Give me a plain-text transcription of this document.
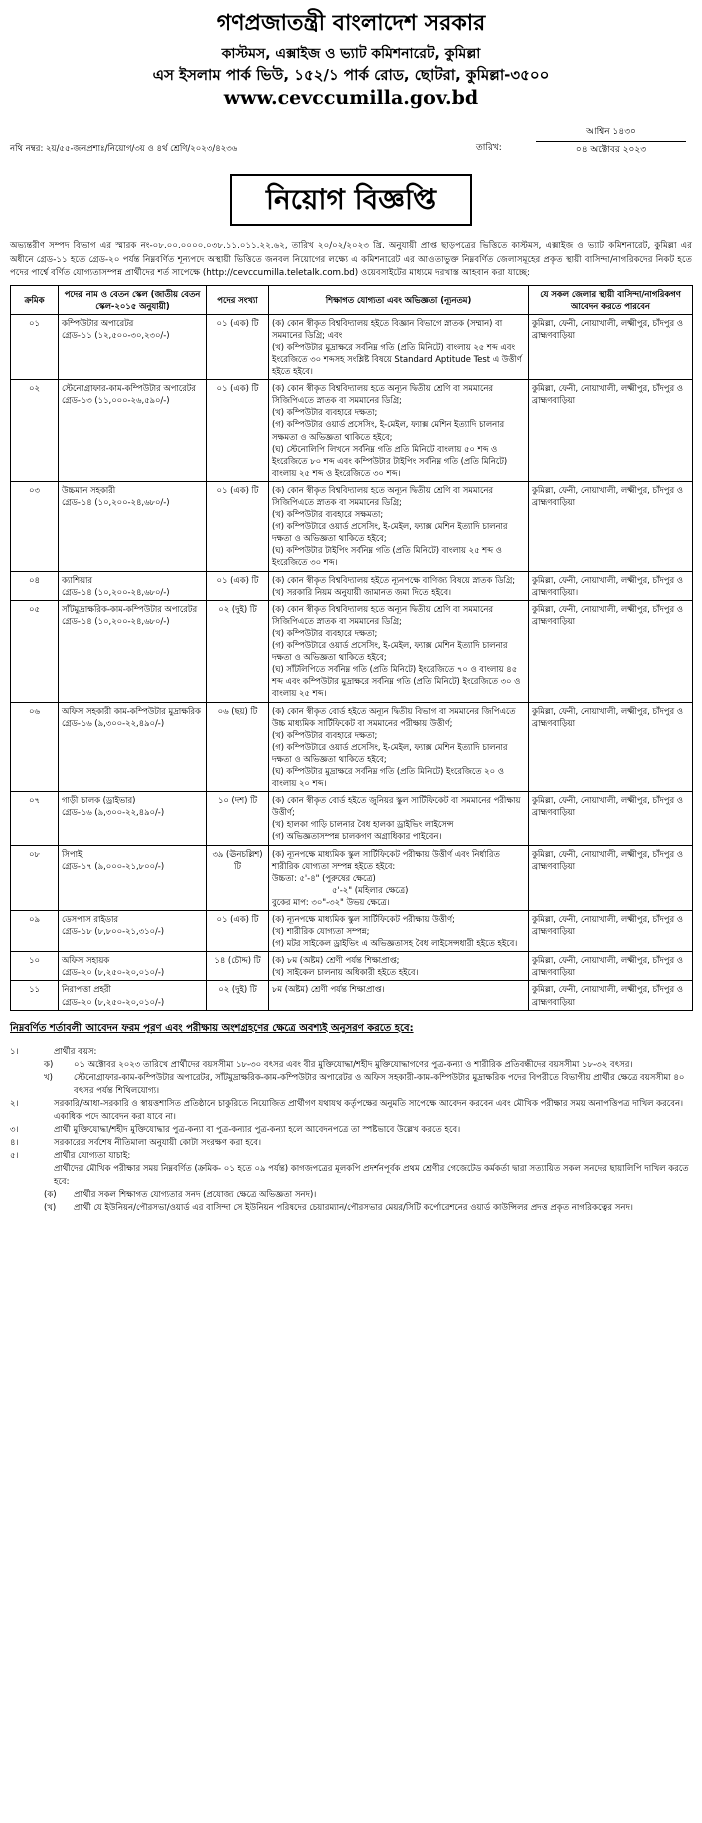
গণপ্রজাতন্ত্রী বাংলাদেশ সরকার
কাস্টমস, এক্সাইজ ও ভ্যাট কমিশনারেট, কুমিল্লা
এস ইসলাম পার্ক ভিউ, ১৫২/১ পার্ক রোড, ছোটরা, কুমিল্লা-৩৫০০
www.cevccumilla.gov.bd
নথি নম্বর: ২য়/৫৫-জনপ্রশাঃ/নিয়োগ/৩য় ও ৪র্থ শ্রেণি/২০২৩/৪২৩৬	তারিখ:
আশ্বিন ১৪৩০
০৪ অক্টোবর ২০২৩
নিয়োগ বিজ্ঞপ্তি
অভ্যন্তরীণ সম্পদ বিভাগ এর স্মারক নং-০৮.০০.০০০০.০৩৮.১১.০১১.২২.৬২, তারিখ ২০/০২/২০২৩ খ্রি. অনুযায়ী প্রাপ্ত ছাড়পত্রের ভিত্তিতে কাস্টমস, এক্সাইজ ও ভ্যাট কমিশনারেট, কুমিল্লা এর অধীনে গ্রেড-১১ হতে গ্রেড-২০ পর্যন্ত নিম্নবর্ণিত শূন্যপদে অস্থায়ী ভিত্তিতে জনবল নিয়োগের লক্ষ্যে এ কমিশনারেট এর আওতাভুক্ত নিম্নবর্ণিত জেলাসমূহের প্রকৃত স্থায়ী বাসিন্দা/নাগরিকদের নিকট হতে পদের পার্শ্বে বর্ণিত যোগ্যতাসম্পন্ন প্রার্থীদের শর্ত সাপেক্ষে (http://cevccumilla.teletalk.com.bd) ওয়েবসাইটের মাধ্যমে দরখাস্ত আহবান করা যাচ্ছে:
ক্রমিক	পদের নাম ও বেতন স্কেল (জাতীয় বেতন স্কেল-২০১৫ অনুযায়ী)	পদের সংখ্যা	শিক্ষাগত যোগ্যতা এবং অভিজ্ঞতা (ন্যূনতম)	যে সকল জেলার স্থায়ী বাসিন্দা/নাগরিকগণ আবেদন করতে পারবেন
০১	কম্পিউটার অপারেটর
গ্রেড-১১ (১২,৫০০-৩০,২৩০/-)	০১ (এক) টি	(ক) কোন স্বীকৃত বিশ্ববিদ্যালয় হইতে বিজ্ঞান বিভাগে স্নাতক (সম্মান) বা সমমানের ডিগ্রি; এবং
(খ) কম্পিউটার মুদ্রাক্ষরে সর্বনিম্ন গতি (প্রতি মিনিটে) বাংলায় ২৫ শব্দ এবং ইংরেজিতে ৩০ শব্দসহ সংশ্লিষ্ট বিষয়ে Standard Aptitude Test এ উত্তীর্ণ হইতে হইবে।	কুমিল্লা, ফেনী, নোয়াখালী, লক্ষ্মীপুর, চাঁদপুর ও ব্রাহ্মণবাড়িয়া
০২	স্টেনোগ্রাফার-কাম-কম্পিউটার অপারেটর
গ্রেড-১৩ (১১,০০০-২৬,৫৯০/-)	০১ (এক) টি	(ক) কোন স্বীকৃত বিশ্ববিদ্যালয় হতে অন্যূন দ্বিতীয় শ্রেণি বা সমমানের সিজিপিএতে স্নাতক বা সমমানের ডিগ্রি;
(খ) কম্পিউটার ব্যবহারে দক্ষতা;
(গ) কম্পিউটার ওয়ার্ড প্রসেসিং, ই-মেইল, ফ্যাক্স মেশিন ইত্যাদি চালনার সক্ষমতা ও অভিজ্ঞতা থাকিতে হইবে;
(ঘ) স্টেনোলিপি লিখনে সর্বনিম্ন গতি প্রতি মিনিটে বাংলায় ৫০ শব্দ ও ইংরেজিতে ৮০ শব্দ এবং কম্পিউটার টাইপিং সর্বনিম্ন গতি (প্রতি মিনিটে) বাংলায় ২৫ শব্দ ও ইংরেজিতে ৩০ শব্দ।	কুমিল্লা, ফেনী, নোয়াখালী, লক্ষ্মীপুর, চাঁদপুর ও ব্রাহ্মণবাড়িয়া
০৩	উচ্চমান সহকারী
গ্রেড-১৪ (১০,২০০-২৪,৬৮০/-)	০১ (এক) টি	(ক) কোন স্বীকৃত বিশ্ববিদ্যালয় হতে অন্যূন দ্বিতীয় শ্রেণি বা সমমানের সিজিপিএতে স্নাতক বা সমমানের ডিগ্রি;
(খ) কম্পিউটার ব্যবহারে সক্ষমতা;
(গ) কম্পিউটারে ওয়ার্ড প্রসেসিং, ই-মেইল, ফ্যাক্স মেশিন ইত্যাদি চালনার দক্ষতা ও অভিজ্ঞতা থাকিতে হইবে;
(ঘ) কম্পিউটার টাইপিং সর্বনিম্ন গতি (প্রতি মিনিটে) বাংলায় ২৫ শব্দ ও ইংরেজিতে ৩০ শব্দ।	কুমিল্লা, ফেনী, নোয়াখালী, লক্ষ্মীপুর, চাঁদপুর ও ব্রাহ্মণবাড়িয়া
০৪	ক্যাশিয়ার
গ্রেড-১৪ (১০,২০০-২৪,৬৮০/-)	০১ (এক) টি	(ক) কোন স্বীকৃত বিশ্ববিদ্যালয় হইতে ন্যূনপক্ষে বাণিজ্য বিষয়ে স্নাতক ডিগ্রি;
(খ) সরকারি নিয়ম অনুযায়ী জামানত জমা দিতে হইবে।	কুমিল্লা, ফেনী, নোয়াখালী, লক্ষ্মীপুর, চাঁদপুর ও ব্রাহ্মণবাড়িয়া।
০৫	সাঁটমুদ্রাক্ষরিক-কাম-কম্পিউটার অপারেটর
গ্রেড-১৪ (১০,২০০-২৪,৬৮০/-)	০২ (দুই) টি	(ক) কোন স্বীকৃত বিশ্ববিদ্যালয় হতে অন্যূন দ্বিতীয় শ্রেণি বা সমমানের সিজিপিএতে স্নাতক বা সমমানের ডিগ্রি;
(খ) কম্পিউটার ব্যবহারে দক্ষতা;
(গ) কম্পিউটারে ওয়ার্ড প্রসেসিং, ই-মেইল, ফ্যাক্স মেশিন ইত্যাদি চালনার দক্ষতা ও অভিজ্ঞতা থাকিতে হইবে;
(ঘ) সাঁটলিপিতে সর্বনিম্ন গতি (প্রতি মিনিটে) ইংরেজিতে ৭০ ও বাংলায় ৪৫ শব্দ এবং কম্পিউটার মুদ্রাক্ষরে সর্বনিম্ন গতি (প্রতি মিনিটে) ইংরেজিতে ৩০ ও বাংলায় ২৫ শব্দ।	কুমিল্লা, ফেনী, নোয়াখালী, লক্ষ্মীপুর, চাঁদপুর ও ব্রাহ্মণবাড়িয়া
০৬	অফিস সহকারী কাম-কম্পিউটার মুদ্রাক্ষরিক
গ্রেড-১৬ (৯,৩০০-২২,৪৯০/-)	০৬ (ছয়) টি	(ক) কোন স্বীকৃত বোর্ড হইতে অন্যূন দ্বিতীয় বিভাগ বা সমমানের জিপিএতে উচ্চ মাধ্যমিক সার্টিফিকেট বা সমমানের পরীক্ষায় উত্তীর্ণ;
(খ) কম্পিউটার ব্যবহারে দক্ষতা;
(গ) কম্পিউটারে ওয়ার্ড প্রসেসিং, ই-মেইল, ফ্যাক্স মেশিন ইত্যাদি চালনার দক্ষতা ও অভিজ্ঞতা থাকিতে হইবে;
(ঘ) কম্পিউটার মুদ্রাক্ষরে সর্বনিম্ন গতি (প্রতি মিনিটে) ইংরেজিতে ২০ ও বাংলায় ২০ শব্দ।	কুমিল্লা, ফেনী, নোয়াখালী, লক্ষ্মীপুর, চাঁদপুর ও ব্রাহ্মণবাড়িয়া
০৭	গাড়ী চালক (ড্রাইভার)
গ্রেড-১৬ (৯,৩০০-২২,৪৯০/-)	১০ (দশ) টি	(ক) কোন স্বীকৃত বোর্ড হইতে জুনিয়র স্কুল সার্টিফিকেট বা সমমানের পরীক্ষায় উত্তীর্ণ;
(খ) হালকা গাড়ি চালনার বৈধ হালকা ড্রাইভিং লাইসেন্স
(গ) অভিজ্ঞতাসম্পন্ন চালকগণ অগ্রাধিকার পাইবেন।	কুমিল্লা, ফেনী, নোয়াখালী, লক্ষ্মীপুর, চাঁদপুর ও ব্রাহ্মণবাড়িয়া
০৮	সিপাই
গ্রেড-১৭ (৯,০০০-২১,৮০০/-)	৩৯ (ঊনচল্লিশ) টি	(ক) ন্যূনপক্ষে মাধ্যমিক স্কুল সার্টিফিকেট পরীক্ষায় উত্তীর্ণ এবং নির্ধারিত শারীরিক যোগ্যতা সম্পন্ন হইতে হইবে:
উচ্চতা: ৫'-৪" (পুরুষের ক্ষেত্রে)
৫'-২" (মহিলার ক্ষেত্রে)
বুকের মাপ: ৩০"-৩২" উভয় ক্ষেত্রে।	কুমিল্লা, ফেনী, নোয়াখালী, লক্ষ্মীপুর, চাঁদপুর ও ব্রাহ্মণবাড়িয়া
০৯	ডেসপাস রাইডার
গ্রেড-১৮ (৮,৮০০-২১,৩১০/-)	০১ (এক) টি	(ক) ন্যূনপক্ষে মাধ্যমিক স্কুল সার্টিফিকেট পরীক্ষায় উত্তীর্ণ;
(খ) শারীরিক যোগ্যতা সম্পন্ন;
(গ) মটর সাইকেল ড্রাইভিং এ অভিজ্ঞতাসহ বৈধ লাইসেন্সধারী হইতে হইবে।	কুমিল্লা, ফেনী, নোয়াখালী, লক্ষ্মীপুর, চাঁদপুর ও ব্রাহ্মণবাড়িয়া
১০	অফিস সহায়ক
গ্রেড-২০ (৮,২৫০-২০,০১০/-)	১৪ (চৌদ্দ) টি	(ক) ৮ম (অষ্টম) শ্রেণী পর্যন্ত শিক্ষাপ্রাপ্ত;
(খ) সাইকেল চালনায় অধিকারী হইতে হইবে।	কুমিল্লা, ফেনী, নোয়াখালী, লক্ষ্মীপুর, চাঁদপুর ও ব্রাহ্মণবাড়িয়া
১১	নিরাপত্তা প্রহরী
গ্রেড-২০ (৮,২৫০-২০,০১০/-)	০২ (দুই) টি	৮ম (অষ্টম) শ্রেণী পর্যন্ত শিক্ষাপ্রাপ্ত।	কুমিল্লা, ফেনী, নোয়াখালী, লক্ষ্মীপুর, চাঁদপুর ও ব্রাহ্মণবাড়িয়া
নিম্নবর্ণিত শর্তাবলী আবেদন ফরম পূরণ এবং পরীক্ষায় অংশগ্রহণের ক্ষেত্রে অবশ্যই অনুসরণ করতে হবে:
১।	প্রার্থীর বয়স:
ক) ০১ অক্টোবর ২০২৩ তারিখে প্রার্থীদের বয়সসীমা ১৮-৩০ বৎসর এবং বীর মুক্তিযোদ্ধা/শহীদ মুক্তিযোদ্ধাগণের পুত্র-কন্যা ও শারীরিক প্রতিবন্ধীদের বয়সসীমা ১৮-৩২ বৎসর।
খ) স্টেনোগ্রাফার-কাম-কম্পিউটার অপারেটর, সাঁটমুদ্রাক্ষরিক-কাম-কম্পিউটার অপারেটর ও অফিস সহকারী-কাম-কম্পিউটার মুদ্রাক্ষরিক পদের বিপরীতে বিভাগীয় প্রার্থীর ক্ষেত্রে বয়সসীমা ৪০ বৎসর পর্যন্ত শিথিলযোগ্য।
২।	সরকারি/আধা-সরকারি ও স্বায়ত্তশাসিত প্রতিষ্ঠানে চাকুরিতে নিয়োজিত প্রার্থীগণ যথাযথ কর্তৃপক্ষের অনুমতি সাপেক্ষে আবেদন করবেন এবং মৌখিক পরীক্ষার সময় অনাপত্তিপত্র দাখিল করবেন। একাধিক পদে আবেদন করা যাবে না।
৩।	প্রার্থী মুক্তিযোদ্ধা/শহীদ মুক্তিযোদ্ধার পুত্র-কন্যা বা পুত্র-কন্যার পুত্র-কন্যা হলে আবেদনপত্রে তা স্পষ্টভাবে উল্লেখ করতে হবে।
৪।	সরকারের সর্বশেষ নীতিমালা অনুযায়ী কোটা সংরক্ষণ করা হবে।
৫।	প্রার্থীর যোগ্যতা যাচাই:
প্রার্থীদের মৌখিক পরীক্ষার সময় নিম্নবর্ণিত (ক্রমিক- ০১ হতে ০৯ পর্যন্ত) কাগজপত্রের মূলকপি প্রদর্শনপূর্বক প্রথম শ্রেণীর গেজেটেড কর্মকর্তা দ্বারা সত্যায়িত সকল সনদের ছায়ালিপি দাখিল করতে হবে:
(ক) প্রার্থীর সকল শিক্ষাগত যোগ্যতার সনদ (প্রযোজ্য ক্ষেত্রে অভিজ্ঞতা সনদ)।
(খ) প্রার্থী যে ইউনিয়ন/পৌরসভা/ওয়ার্ড এর বাসিন্দা সে ইউনিয়ন পরিষদের চেয়ারম্যান/পৌরসভার মেয়র/সিটি কর্পোরেশনের ওয়ার্ড কাউন্সিলর প্রদত্ত প্রকৃত নাগরিকত্বের সনদ।
